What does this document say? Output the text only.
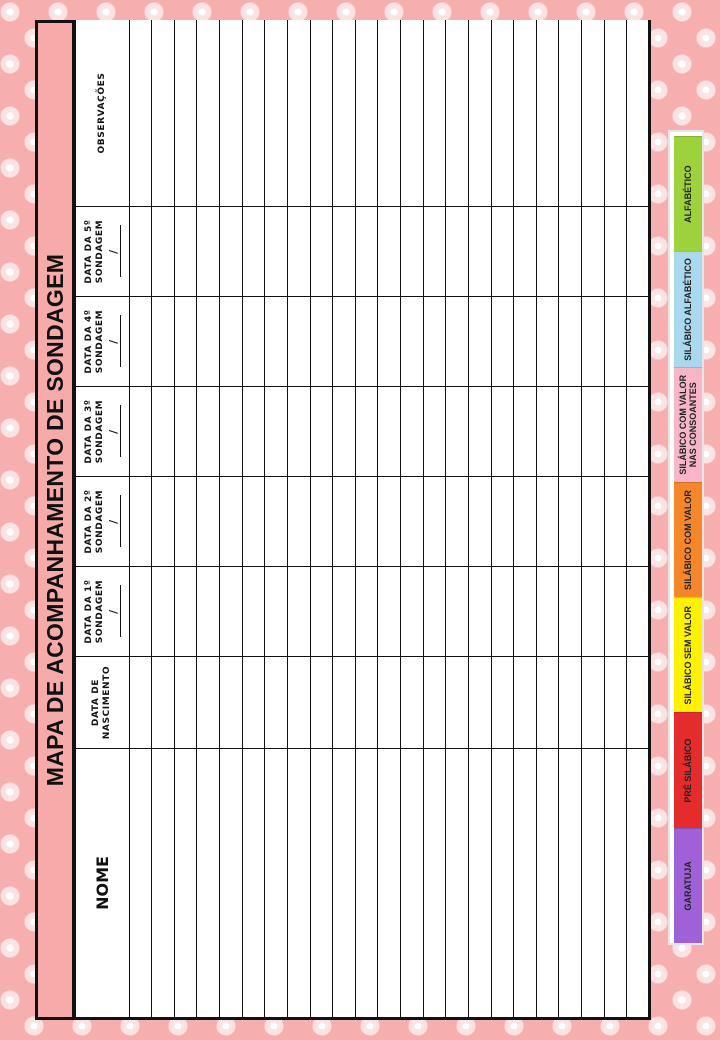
MAPA DE ACOMPANHAMENTO DE SONDAGEM
NOME	DATA DE NASCIMENTO	DATA DA 1º SONDAGEM /	DATA DA 2º SONDAGEM /	DATA DA 3º SONDAGEM /	DATA DA 4º SONDAGEM /	DATA DA 5º SONDAGEM /	OBSERVAÇÕES

GARATUJA
PRÉ SILÁBICO
SILÁBICO SEM VALOR
SILÁBICO COM VALOR
SILÁBICO COM VALOR NAS CONSOANTES
SILÁBICO ALFABÉTICO
ALFABÉTICO
